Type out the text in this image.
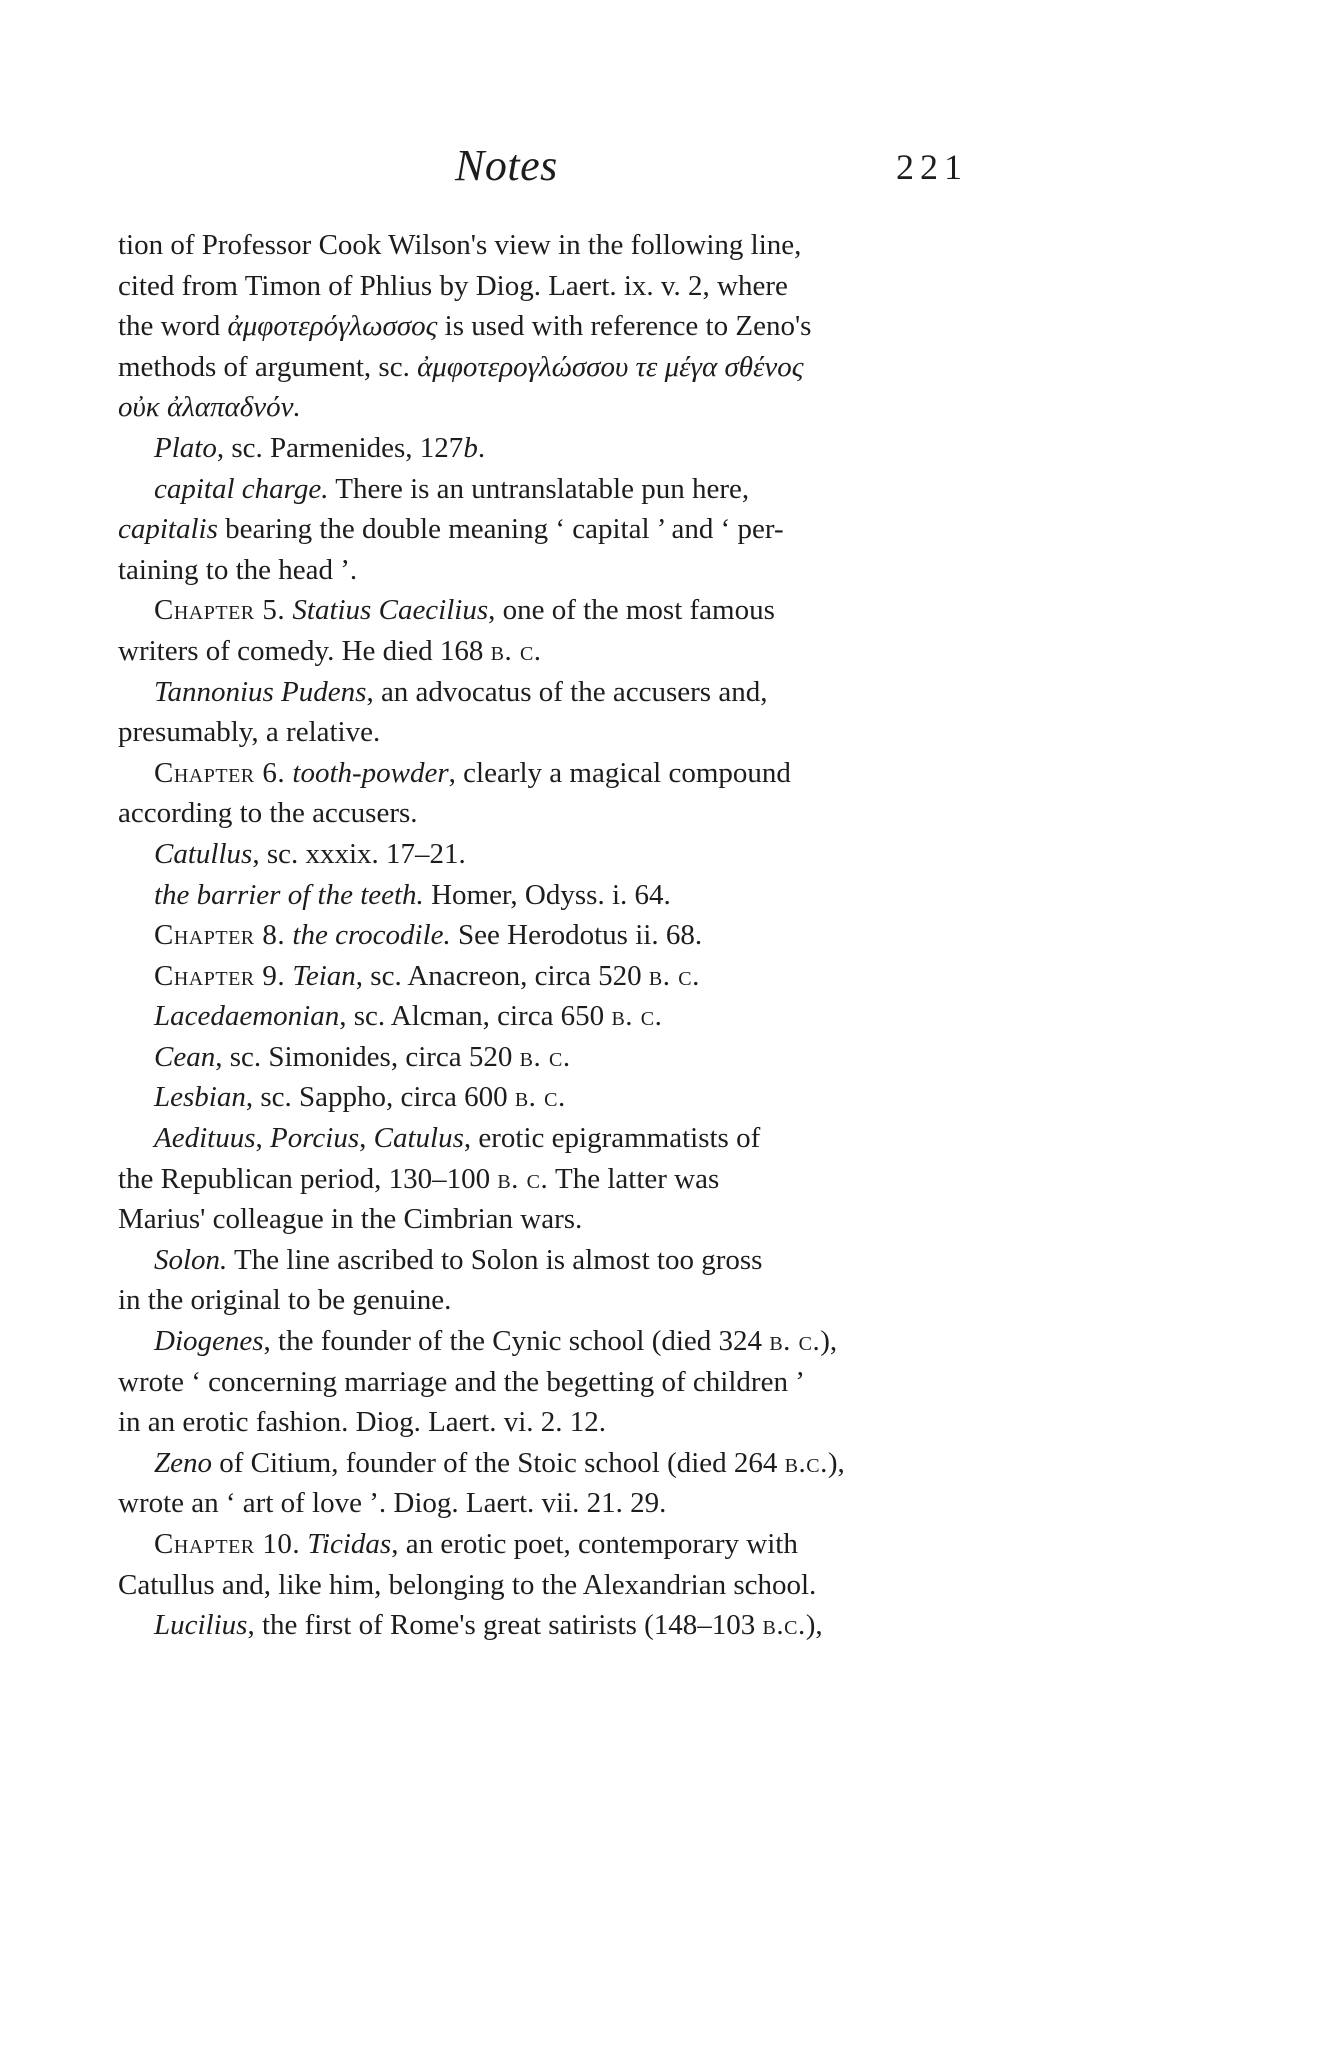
Notes	221
tion of Professor Cook Wilson's view in the following line,
cited from Timon of Phlius by Diog. Laert. ix. v. 2, where
the word ἀμφοτερόγλωσσος is used with reference to Zeno's
methods of argument, sc. ἀμφοτερογλώσσου τε μέγα σθένος
οὐκ ἀλαπαδνόν.
Plato, sc. Parmenides, 127b.
capital charge. There is an untranslatable pun here,
capitalis bearing the double meaning ‘ capital ’ and ‘ per-
taining to the head ’.
Chapter 5. Statius Caecilius, one of the most famous
writers of comedy. He died 168 b. c.
Tannonius Pudens, an advocatus of the accusers and,
presumably, a relative.
Chapter 6. tooth-powder, clearly a magical compound
according to the accusers.
Catullus, sc. xxxix. 17–21.
the barrier of the teeth. Homer, Odyss. i. 64.
Chapter 8. the crocodile. See Herodotus ii. 68.
Chapter 9. Teian, sc. Anacreon, circa 520 b. c.
Lacedaemonian, sc. Alcman, circa 650 b. c.
Cean, sc. Simonides, circa 520 b. c.
Lesbian, sc. Sappho, circa 600 b. c.
Aedituus, Porcius, Catulus, erotic epigrammatists of
the Republican period, 130–100 b. c. The latter was
Marius' colleague in the Cimbrian wars.
Solon. The line ascribed to Solon is almost too gross
in the original to be genuine.
Diogenes, the founder of the Cynic school (died 324 b. c.),
wrote ‘ concerning marriage and the begetting of children ’
in an erotic fashion. Diog. Laert. vi. 2. 12.
Zeno of Citium, founder of the Stoic school (died 264 b.c.),
wrote an ‘ art of love ’. Diog. Laert. vii. 21. 29.
Chapter 10. Ticidas, an erotic poet, contemporary with
Catullus and, like him, belonging to the Alexandrian school.
Lucilius, the first of Rome's great satirists (148–103 b.c.),
